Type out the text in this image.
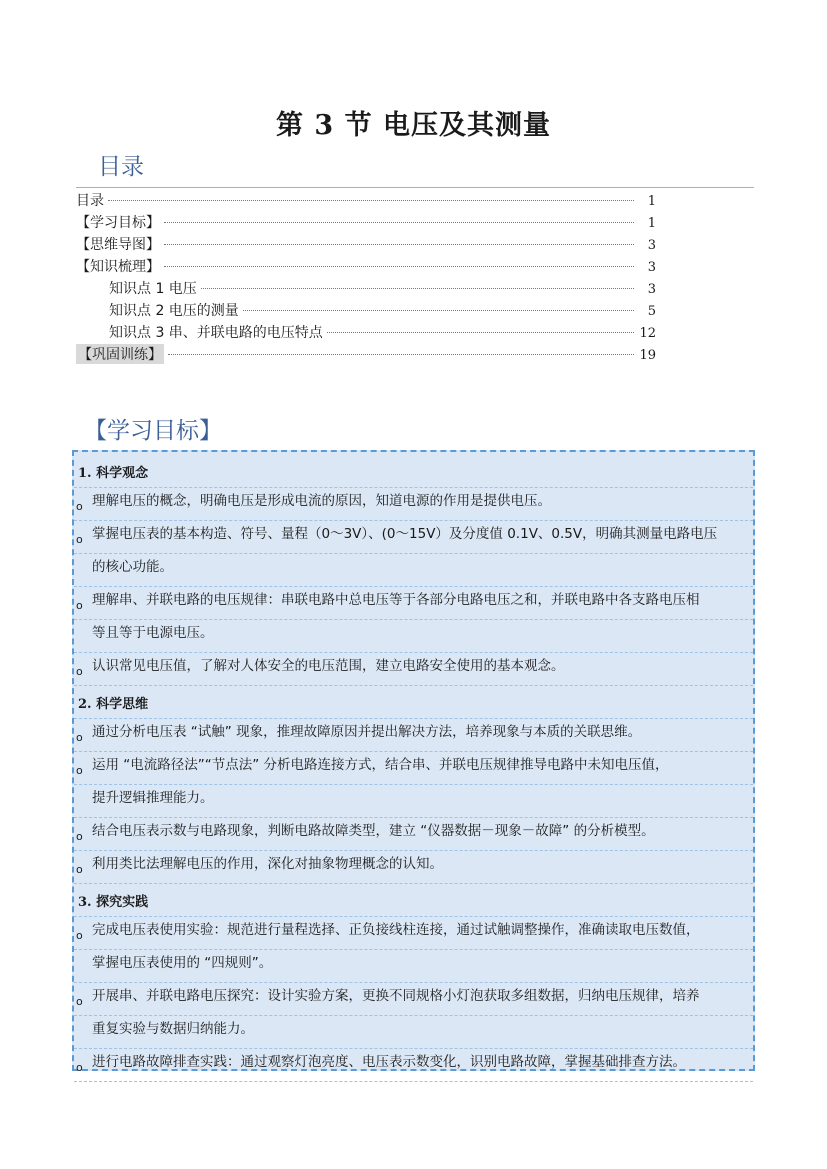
第 3 节 电压及其测量
目录
目录	1
【学习目标】	1
【思维导图】	3
【知识梳理】	3
知识点 1 电压	3
知识点 2 电压的测量	5
知识点 3 串、并联电路的电压特点	12
【巩固训练】	19
【学习目标】
1. 科学观念
o 理解电压的概念，明确电压是形成电流的原因，知道电源的作用是提供电压。
o 掌握电压表的基本构造、符号、量程（0～3V）、(0～15V）及分度值 0.1V、0.5V，明确其测量电路电压
的核心功能。
o 理解串、并联电路的电压规律：串联电路中总电压等于各部分电路电压之和，并联电路中各支路电压相
等且等于电源电压。
o 认识常见电压值，了解对人体安全的电压范围，建立电路安全使用的基本观念。
2. 科学思维
o 通过分析电压表 “试触” 现象，推理故障原因并提出解决方法，培养现象与本质的关联思维。
o 运用 “电流路径法”“节点法” 分析电路连接方式，结合串、并联电压规律推导电路中未知电压值，
提升逻辑推理能力。
o 结合电压表示数与电路现象，判断电路故障类型，建立 “仪器数据－现象－故障” 的分析模型。
o 利用类比法理解电压的作用，深化对抽象物理概念的认知。
3. 探究实践
o 完成电压表使用实验：规范进行量程选择、正负接线柱连接，通过试触调整操作，准确读取电压数值，
掌握电压表使用的 “四规则”。
o 开展串、并联电路电压探究：设计实验方案，更换不同规格小灯泡获取多组数据，归纳电压规律，培养
重复实验与数据归纳能力。
o 进行电路故障排查实践：通过观察灯泡亮度、电压表示数变化，识别电路故障，掌握基础排查方法。
